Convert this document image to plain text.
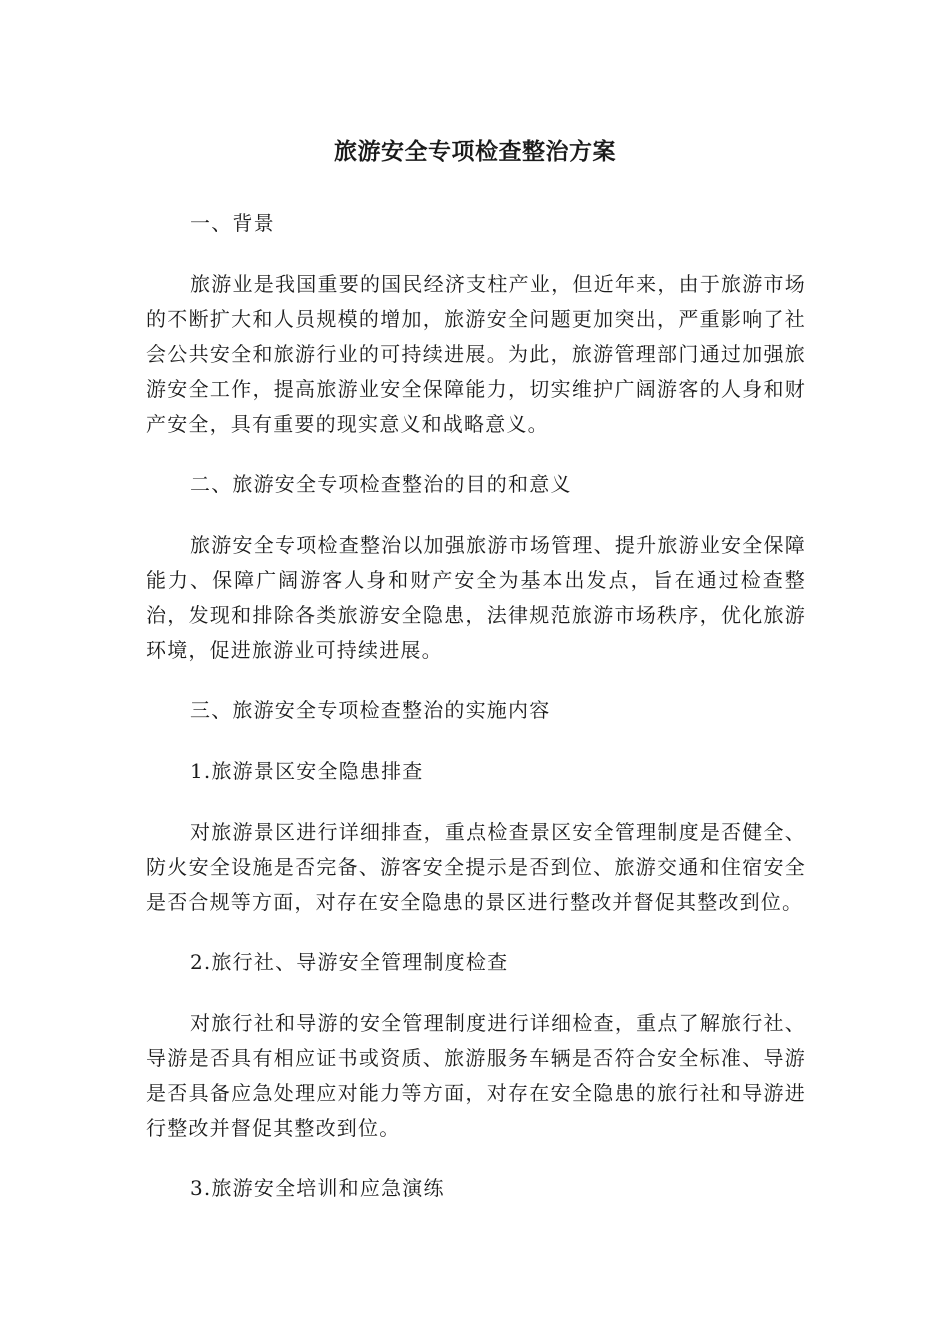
旅游安全专项检查整治方案

一、背景

旅游业是我国重要的国民经济支柱产业，但近年来，由于旅游市场的不断扩大和人员规模的增加，旅游安全问题更加突出，严重影响了社会公共安全和旅游行业的可持续进展。为此，旅游管理部门通过加强旅游安全工作，提高旅游业安全保障能力，切实维护广阔游客的人身和财产安全，具有重要的现实意义和战略意义。

二、旅游安全专项检查整治的目的和意义

旅游安全专项检查整治以加强旅游市场管理、提升旅游业安全保障能力、保障广阔游客人身和财产安全为基本出发点，旨在通过检查整治，发现和排除各类旅游安全隐患，法律规范旅游市场秩序，优化旅游环境，促进旅游业可持续进展。

三、旅游安全专项检查整治的实施内容

1.旅游景区安全隐患排查

对旅游景区进行详细排查，重点检查景区安全管理制度是否健全、防火安全设施是否完备、游客安全提示是否到位、旅游交通和住宿安全是否合规等方面，对存在安全隐患的景区进行整改并督促其整改到位。

2.旅行社、导游安全管理制度检查

对旅行社和导游的安全管理制度进行详细检查，重点了解旅行社、导游是否具有相应证书或资质、旅游服务车辆是否符合安全标准、导游是否具备应急处理应对能力等方面，对存在安全隐患的旅行社和导游进行整改并督促其整改到位。

3.旅游安全培训和应急演练
